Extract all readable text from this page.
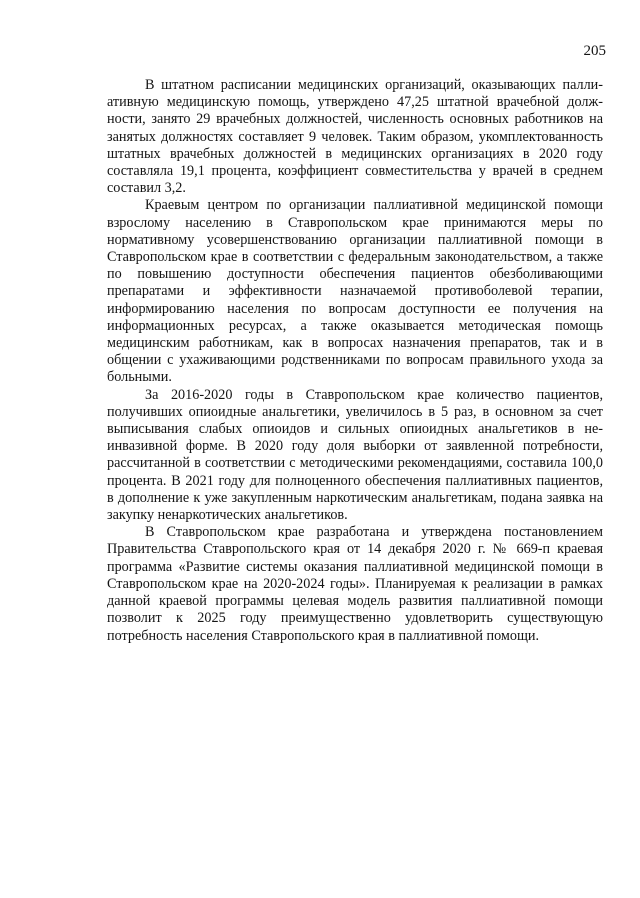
205

В штатном расписании медицинских организаций, оказывающих паллиативную медицинскую помощь, утверждено 47,25 штатной врачебной должности, занято 29 врачебных должностей, численность основных работников на занятых должностях составляет 9 человек. Таким образом, укомплектованность штатных врачебных должностей в медицинских организациях в 2020 году составляла 19,1 процента, коэффициент совместительства у врачей в среднем составил 3,2.

Краевым центром по организации паллиативной медицинской помощи взрослому населению в Ставропольском крае принимаются меры по нормативному усовершенствованию организации паллиативной помощи в Ставропольском крае в соответствии с федеральным законодательством, а также по повышению доступности обеспечения пациентов обезболивающими препаратами и эффективности назначаемой противоболевой терапии, информированию населения по вопросам доступности ее получения на информационных ресурсах, а также оказывается методическая помощь медицинским работникам, как в вопросах назначения препаратов, так и в общении с ухаживающими родственниками по вопросам правильного ухода за больными.

За 2016-2020 годы в Ставропольском крае количество пациентов, получивших опиоидные анальгетики, увеличилось в 5 раз, в основном за счет выписывания слабых опиоидов и сильных опиоидных анальгетиков в неинвазивной форме. В 2020 году доля выборки от заявленной потребности, рассчитанной в соответствии с методическими рекомендациями, составила 100,0 процента. В 2021 году для полноценного обеспечения паллиативных пациентов, в дополнение к уже закупленным наркотическим анальгетикам, подана заявка на закупку ненаркотических анальгетиков.

В Ставропольском крае разработана и утверждена постановлением Правительства Ставропольского края от 14 декабря 2020 г. № 669-п краевая программа «Развитие системы оказания паллиативной медицинской помощи в Ставропольском крае на 2020-2024 годы». Планируемая к реализации в рамках данной краевой программы целевая модель развития паллиативной помощи позволит к 2025 году преимущественно удовлетворить существующую потребность населения Ставропольского края в паллиативной помощи.
